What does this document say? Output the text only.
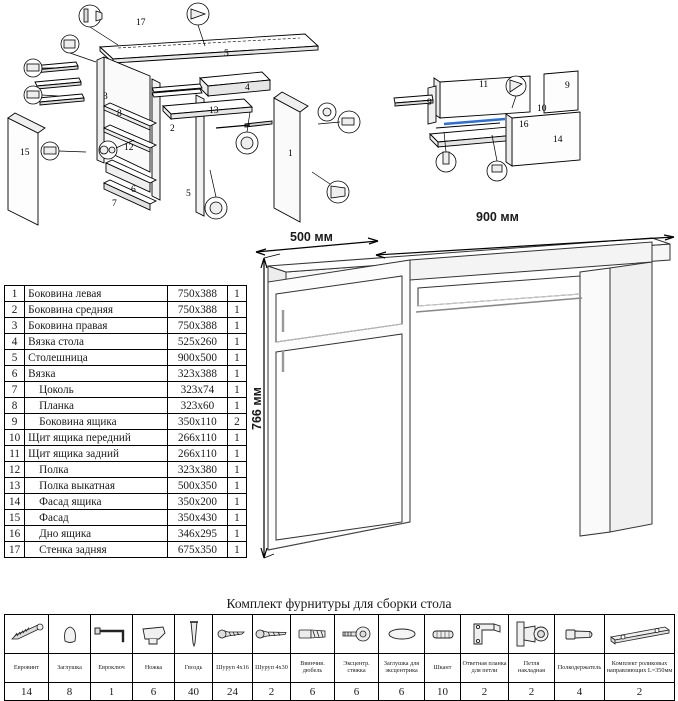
17
5
3
4
13
8
2
12
15
6
7
1
5
11
9
9
10
16
14
500 мм
900 мм
766 мм
1	Боковина левая	750х388	1
2	Боковина средняя	750х388	1
3	Боковина правая	750х388	1
4	Вязка стола	525х260	1
5	Столешница	900х500	1
6	Вязка	323х388	1
7	Цоколь	323х74	1
8	Планка	323х60	1
9	Боковина ящика	350х110	2
10	Щит ящика передний	266х110	1
11	Щит ящика задний	266х110	1
12	Полка	323х380	1
13	Полка выкатная	500х350	1
14	Фасад ящика	350х200	1
15	Фасад	350х430	1
16	Дно ящика	346х295	1
17	Стенка задняя	675х350	1
Комплект фурнитуры для сборки стола

Евровинт	Заглушка	Евроключ	Ножка	Гвоздь	Шуруп 4х16	Шуруп 4х30	Ввинчив. дюбель	Эксцентр. стяжка	Заглушка для эксцентрика	Шкант	Ответная планка для петли	Петля накладная	Полкодержатель	Комплект роликовых направляющих L=350мм
14	8	1	6	40	24	2	6	6	6	10	2	2	4	2
